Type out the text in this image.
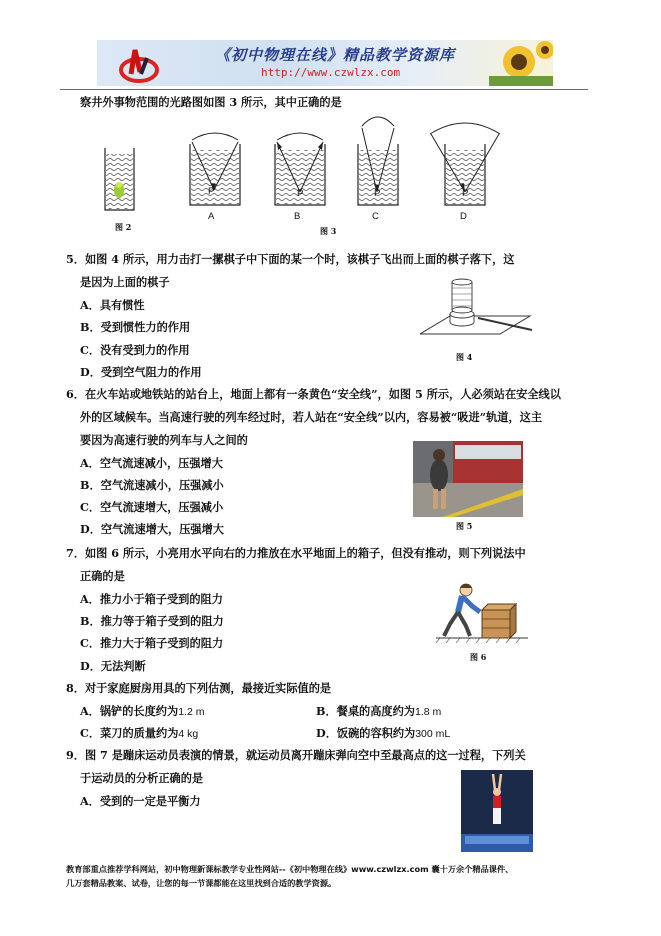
《初中物理在线》精品教学资源库
http://www.czwlzx.com
察井外事物范围的光路图如图 3 所示，其中正确的是
P	P	P	P
图 2
A	B	C	D
图 3
5．如图 4 所示，用力击打一摞棋子中下面的某一个时，该棋子飞出而上面的棋子落下，这
是因为上面的棋子
A．具有惯性
B．受到惯性力的作用
C．没有受到力的作用
D．受到空气阻力的作用
图 4
6．在火车站或地铁站的站台上，地面上都有一条黄色“安全线”，如图 5 所示，人必须站在安全线以
外的区域候车。当高速行驶的列车经过时，若人站在“安全线”以内，容易被“吸进”轨道，这主
要因为高速行驶的列车与人之间的
A．空气流速减小，压强增大
B．空气流速减小，压强减小
C．空气流速增大，压强减小
D．空气流速增大，压强增大	图 5
7．如图 6 所示，小亮用水平向右的力推放在水平地面上的箱子，但没有推动，则下列说法中
正确的是
A．推力小于箱子受到的阻力
B．推力等于箱子受到的阻力
C．推力大于箱子受到的阻力
D．无法判断
图 6
8．对于家庭厨房用具的下列估测，最接近实际值的是
A．锅铲的长度约为1.2 m	B．餐桌的高度约为1.8 m
C．菜刀的质量约为4 kg	D．饭碗的容积约为300 mL
9．图 7 是蹦床运动员表演的情景，就运动员离开蹦床弹向空中至最高点的这一过程，下列关
于运动员的分析正确的是
A．受到的一定是平衡力
教育部重点推荐学科网站，初中物理新课标教学专业性网站--《初中物理在线》www.czwlzx.com 囊十万余个精品课件、
几万套精品教案、试卷，让您的每一节课都能在这里找到合适的教学资源。
